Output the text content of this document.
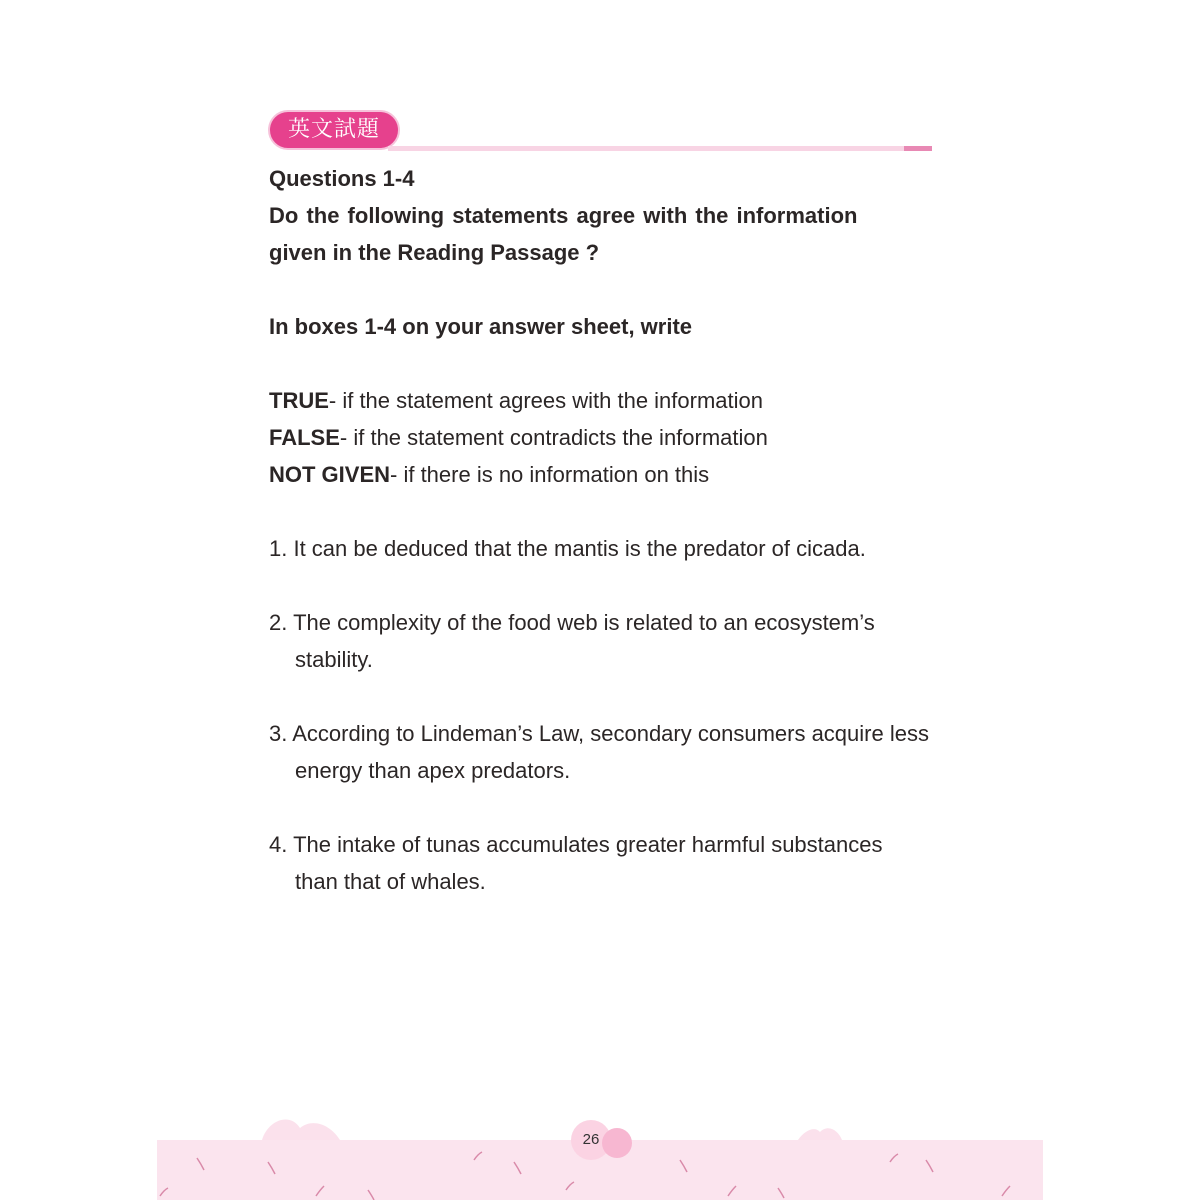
英文試題

Questions 1-4

Do the following statements agree with the information

given in the Reading Passage ?

In boxes 1-4 on your answer sheet, write

TRUE- if the statement agrees with the information

FALSE- if the statement contradicts the information

NOT GIVEN- if there is no information on this

1. It can be deduced that the mantis is the predator of cicada.

2. The complexity of the food web is related to an ecosystem’s stability.

3. According to Lindeman’s Law, secondary consumers acquire less energy than apex predators.

4. The intake of tunas accumulates greater harmful substances than that of whales.

26
